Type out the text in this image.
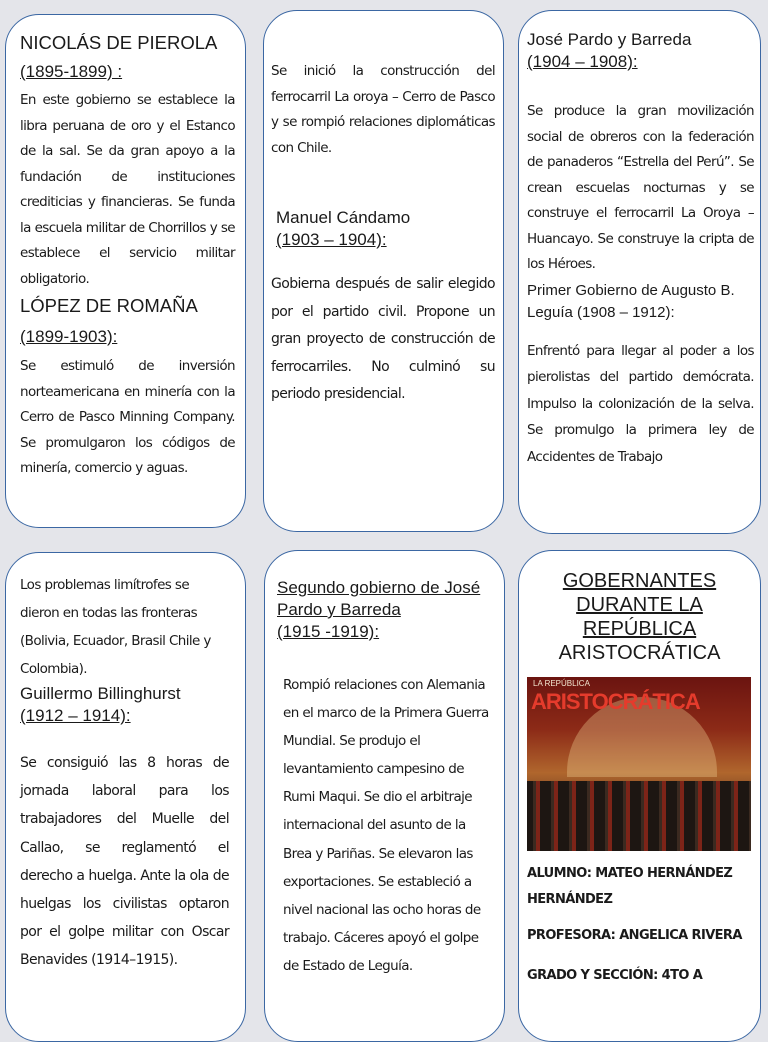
NICOLÁS DE PIEROLA

(1895-1899) :

En este gobierno se establece la libra peruana de oro y el Estanco de la sal. Se da gran apoyo a la fundación de instituciones crediticias y financieras. Se funda la escuela militar de Chorrillos y se establece el servicio militar obligatorio.

LÓPEZ DE ROMAÑA

(1899-1903):

Se estimuló de inversión norteamericana en minería con la Cerro de Pasco Minning Company. Se promulgaron los códigos de minería, comercio y aguas.

Se inició la construcción del ferrocarril La oroya – Cerro de Pasco y se rompió relaciones diplomáticas con Chile.

Manuel Cándamo

(1903 – 1904):

Gobierna después de salir elegido por el partido civil. Propone un gran proyecto de construcción de ferrocarriles. No culminó su periodo presidencial.

José Pardo y Barreda

(1904 – 1908):

Se produce la gran movilización social de obreros con la federación de panaderos “Estrella del Perú”. Se crean escuelas nocturnas y se construye el ferrocarril La Oroya – Huancayo. Se construye la cripta de los Héroes.

Primer Gobierno de Augusto B. Leguía (1908 – 1912):

Enfrentó para llegar al poder a los pierolistas del partido demócrata. Impulso la colonización de la selva. Se promulgo la primera ley de Accidentes de Trabajo

Los problemas limítrofes se dieron en todas las fronteras (Bolivia, Ecuador, Brasil Chile y Colombia).

Guillermo Billinghurst

(1912 – 1914):

Se consiguió las 8 horas de jornada laboral para los trabajadores del Muelle del Callao, se reglamentó el derecho a huelga. Ante la ola de huelgas los civilistas optaron por el golpe militar con Oscar Benavides (1914–1915).

Segundo gobierno de José Pardo y Barreda

(1915 -1919):

Rompió relaciones con Alemania en el marco de la Primera Guerra Mundial. Se produjo el levantamiento campesino de Rumi Maqui. Se dio el arbitraje internacional del asunto de la Brea y Pariñas. Se elevaron las exportaciones. Se estableció a nivel nacional las ocho horas de trabajo. Cáceres apoyó el golpe de Estado de Leguía.

GOBERNANTES

DURANTE LA

REPÚBLICA

ARISTOCRÁTICA

LA REPÚBLICA
ARISTOCRÁTICA

ALUMNO: MATEO HERNÁNDEZ HERNÁNDEZ

PROFESORA: ANGELICA RIVERA

GRADO Y SECCIÓN: 4TO A
